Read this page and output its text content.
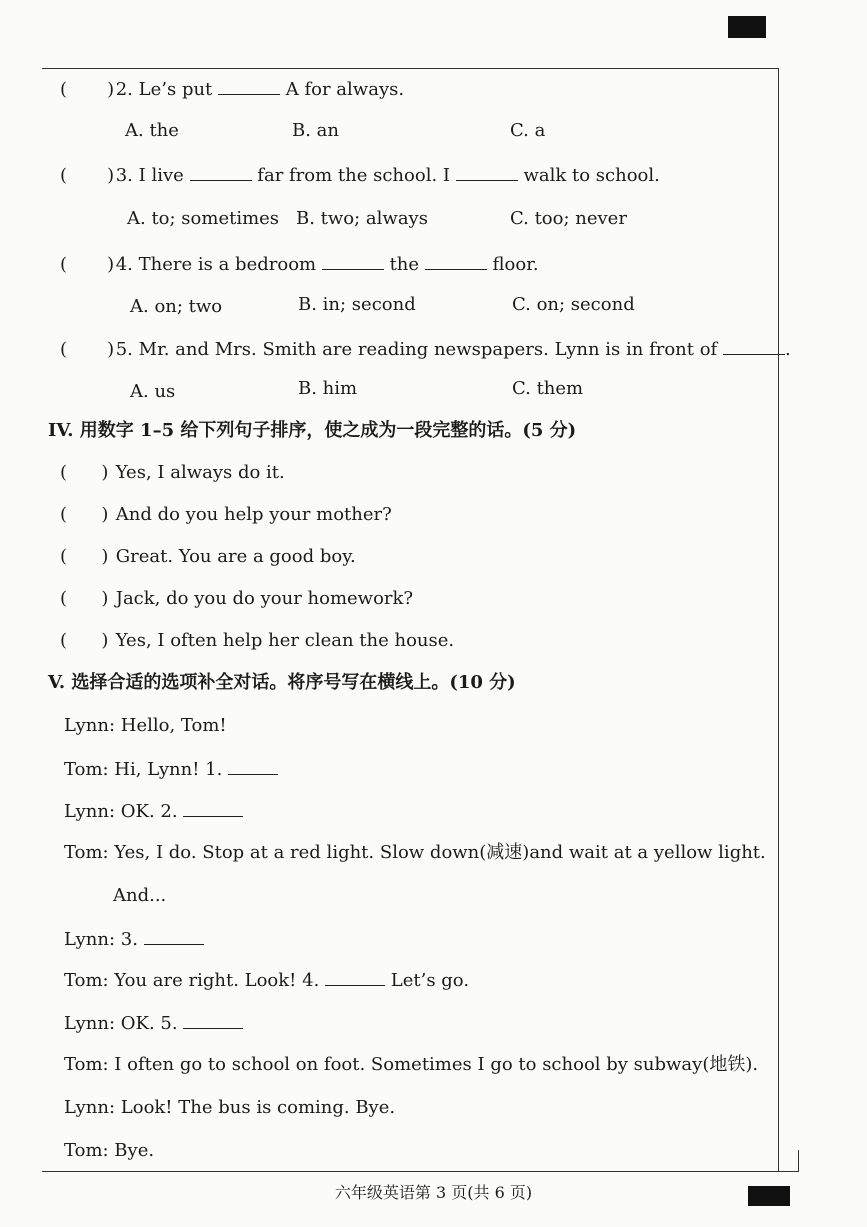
( ) 2. Le’s put	A for always.
A. the	B. an	C. a
( ) 3. I live	far from the school. I	walk to school.
A. to; sometimes B. two; always	C. too; never
( ) 4. There is a bedroom	the	floor.
A. on; two	B. in; second	C. on; second
( ) 5. Mr. and Mrs. Smith are reading newspapers. Lynn is in front of	.
A. us	B. him	C. them
IV. 用数字 1–5 给下列句子排序，使之成为一段完整的话。(5 分)
( ) Yes, I always do it.
( ) And do you help your mother?
( ) Great. You are a good boy.
( ) Jack, do you do your homework?
( ) Yes, I often help her clean the house.
V. 选择合适的选项补全对话。将序号写在横线上。(10 分)
Lynn: Hello, Tom!
Tom: Hi, Lynn! 1.
Lynn: OK. 2.
Tom: Yes, I do. Stop at a red light. Slow down(减速)and wait at a yellow light.
And...
Lynn: 3.
Tom: You are right. Look! 4.	Let’s go.
Lynn: OK. 5.
Tom: I often go to school on foot. Sometimes I go to school by subway(地铁).
Lynn: Look! The bus is coming. Bye.
Tom: Bye.
六年级英语第 3 页(共 6 页)
